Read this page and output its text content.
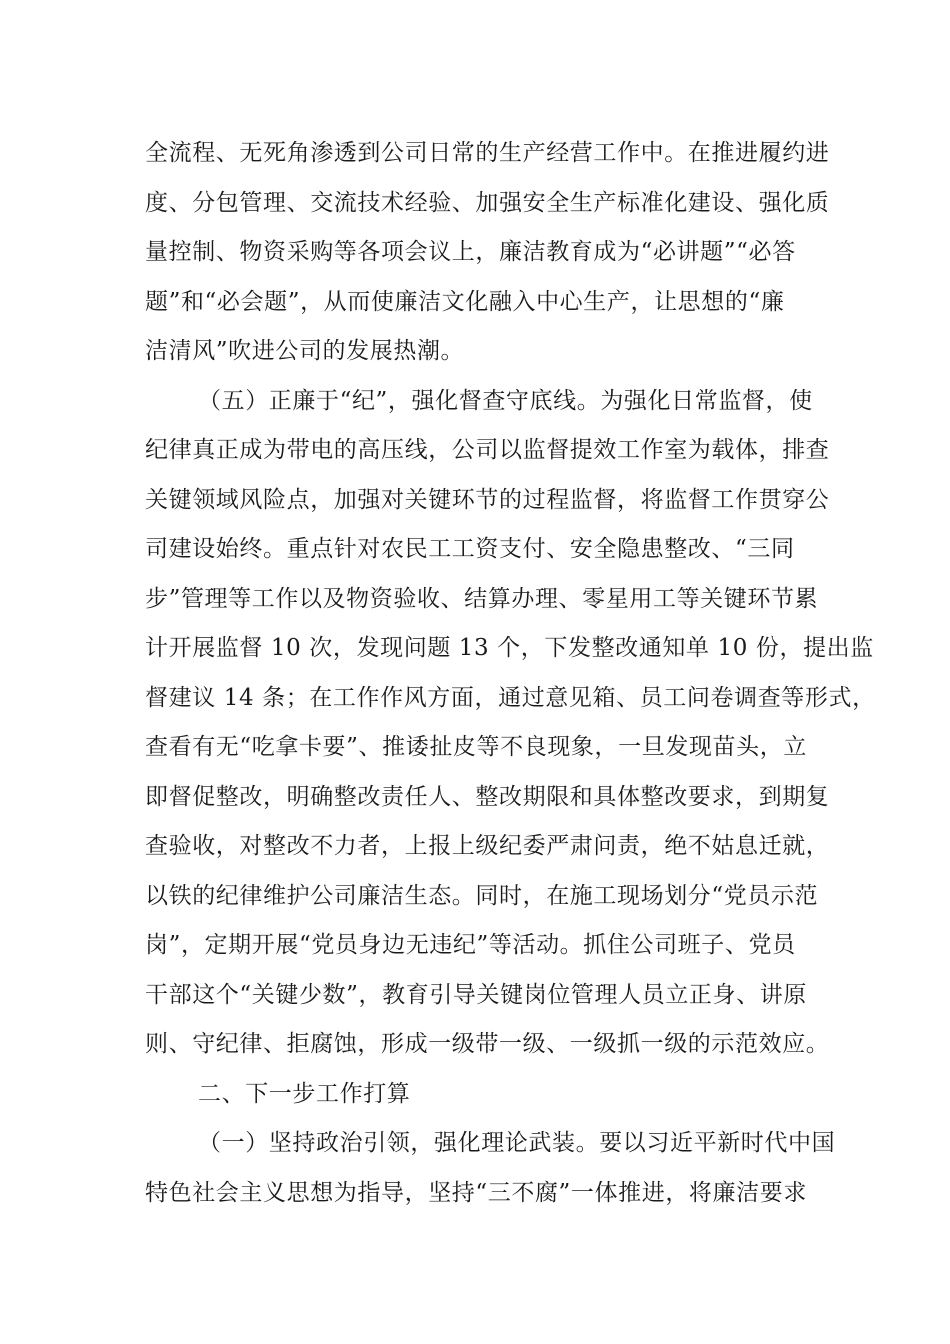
全流程、无死角渗透到公司日常的生产经营工作中。在推进履约进
度、分包管理、交流技术经验、加强安全生产标准化建设、强化质
量控制、物资采购等各项会议上，廉洁教育成为“必讲题”“必答
题”和“必会题”，从而使廉洁文化融入中心生产，让思想的“廉
洁清风”吹进公司的发展热潮。
（五）正廉于“纪”，强化督查守底线。为强化日常监督，使
纪律真正成为带电的高压线，公司以监督提效工作室为载体，排查
关键领域风险点，加强对关键环节的过程监督，将监督工作贯穿公
司建设始终。重点针对农民工工资支付、安全隐患整改、“三同
步”管理等工作以及物资验收、结算办理、零星用工等关键环节累
计开展监督 10 次，发现问题 13 个，下发整改通知单 10 份，提出监
督建议 14 条；在工作作风方面，通过意见箱、员工问卷调查等形式，
查看有无“吃拿卡要”、推诿扯皮等不良现象，一旦发现苗头，立
即督促整改，明确整改责任人、整改期限和具体整改要求，到期复
查验收，对整改不力者，上报上级纪委严肃问责，绝不姑息迁就，
以铁的纪律维护公司廉洁生态。同时，在施工现场划分“党员示范
岗”，定期开展“党员身边无违纪”等活动。抓住公司班子、党员
干部这个“关键少数”，教育引导关键岗位管理人员立正身、讲原
则、守纪律、拒腐蚀，形成一级带一级、一级抓一级的示范效应。
二、下一步工作打算
（一）坚持政治引领，强化理论武装。要以习近平新时代中国
特色社会主义思想为指导，坚持“三不腐”一体推进，将廉洁要求
